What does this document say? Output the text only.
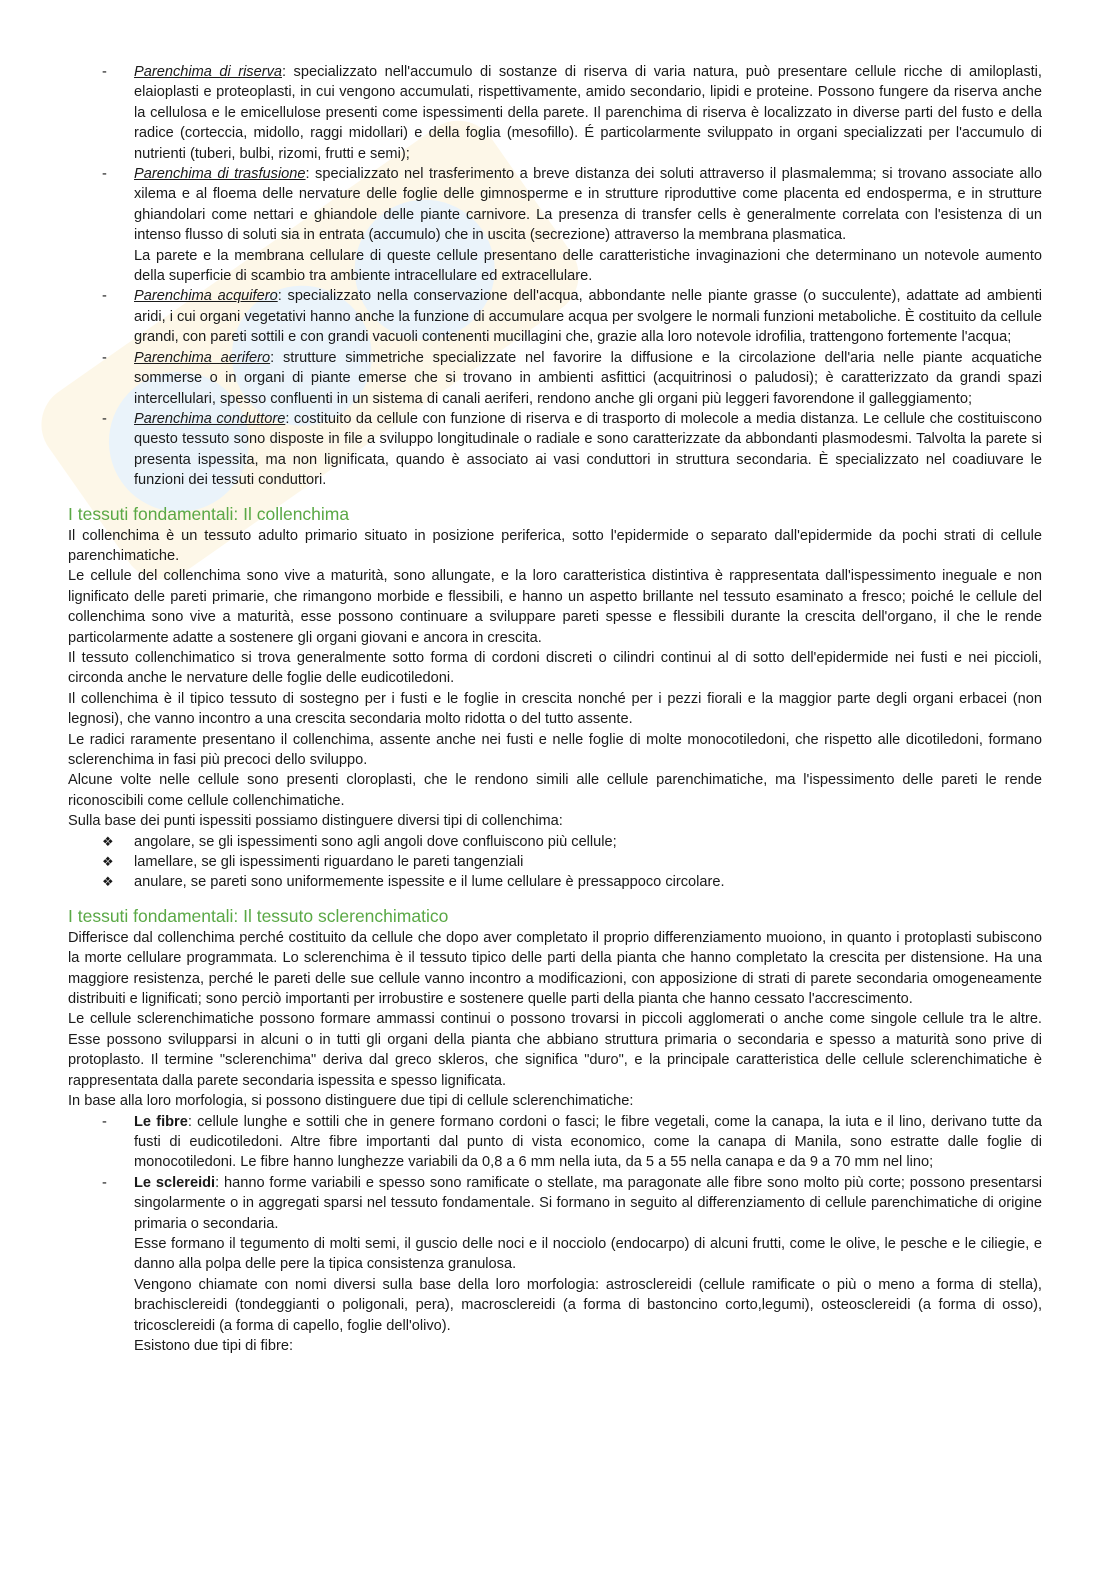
- Parenchima di riserva: specializzato nell'accumulo di sostanze di riserva di varia natura, può presentare cellule ricche di amiloplasti, elaioplasti e proteoplasti, in cui vengono accumulati, rispettivamente, amido secondario, lipidi e proteine. Possono fungere da riserva anche la cellulosa e le emicellulose presenti come ispessimenti della parete. Il parenchima di riserva è localizzato in diverse parti del fusto e della radice (corteccia, midollo, raggi midollari) e della foglia (mesofillo). É particolarmente sviluppato in organi specializzati per l'accumulo di nutrienti (tuberi, bulbi, rizomi, frutti e semi);
- Parenchima di trasfusione: specializzato nel trasferimento a breve distanza dei soluti attraverso il plasmalemma; si trovano associate allo xilema e al floema delle nervature delle foglie delle gimnosperme e in strutture riproduttive come placenta ed endosperma, e in strutture ghiandolari come nettari e ghiandole delle piante carnivore. La presenza di transfer cells è generalmente correlata con l'esistenza di un intenso flusso di soluti sia in entrata (accumulo) che in uscita (secrezione) attraverso la membrana plasmatica.

La parete e la membrana cellulare di queste cellule presentano delle caratteristiche invaginazioni che determinano un notevole aumento della superficie di scambio tra ambiente intracellulare ed extracellulare.

- Parenchima acquifero: specializzato nella conservazione dell'acqua, abbondante nelle piante grasse (o succulente), adattate ad ambienti aridi, i cui organi vegetativi hanno anche la funzione di accumulare acqua per svolgere le normali funzioni metaboliche. È costituito da cellule grandi, con pareti sottili e con grandi vacuoli contenenti mucillagini che, grazie alla loro notevole idrofilia, trattengono fortemente l'acqua;
- Parenchima aerifero: strutture simmetriche specializzate nel favorire la diffusione e la circolazione dell'aria nelle piante acquatiche sommerse o in organi di piante emerse che si trovano in ambienti asfittici (acquitrinosi o paludosi); è caratterizzato da grandi spazi intercellulari, spesso confluenti in un sistema di canali aeriferi, rendono anche gli organi più leggeri favorendone il galleggiamento;
- Parenchima conduttore: costituito da cellule con funzione di riserva e di trasporto di molecole a media distanza. Le cellule che costituiscono questo tessuto sono disposte in file a sviluppo longitudinale o radiale e sono caratterizzate da abbondanti plasmodesmi. Talvolta la parete si presenta ispessita, ma non lignificata, quando è associato ai vasi conduttori in struttura secondaria. È specializzato nel coadiuvare le funzioni dei tessuti conduttori.
I tessuti fondamentali: Il collenchima

Il collenchima è un tessuto adulto primario situato in posizione periferica, sotto l'epidermide o separato dall'epidermide da pochi strati di cellule parenchimatiche.

Le cellule del collenchima sono vive a maturità, sono allungate, e la loro caratteristica distintiva è rappresentata dall'ispessimento ineguale e non lignificato delle pareti primarie, che rimangono morbide e flessibili, e hanno un aspetto brillante nel tessuto esaminato a fresco; poiché le cellule del collenchima sono vive a maturità, esse possono continuare a sviluppare pareti spesse e flessibili durante la crescita dell'organo, il che le rende particolarmente adatte a sostenere gli organi giovani e ancora in crescita.

Il tessuto collenchimatico si trova generalmente sotto forma di cordoni discreti o cilindri continui al di sotto dell'epidermide nei fusti e nei piccioli, circonda anche le nervature delle foglie delle eudicotiledoni.

Il collenchima è il tipico tessuto di sostegno per i fusti e le foglie in crescita nonché per i pezzi fiorali e la maggior parte degli organi erbacei (non legnosi), che vanno incontro a una crescita secondaria molto ridotta o del tutto assente.

Le radici raramente presentano il collenchima, assente anche nei fusti e nelle foglie di molte monocotiledoni, che rispetto alle dicotiledoni, formano sclerenchima in fasi più precoci dello sviluppo.

Alcune volte nelle cellule sono presenti cloroplasti, che le rendono simili alle cellule parenchimatiche, ma l'ispessimento delle pareti le rende riconoscibili come cellule collenchimatiche.

Sulla base dei punti ispessiti possiamo distinguere diversi tipi di collenchima:

❖ angolare, se gli ispessimenti sono agli angoli dove confluiscono più cellule;
❖ lamellare, se gli ispessimenti riguardano le pareti tangenziali
❖ anulare, se pareti sono uniformemente ispessite e il lume cellulare è pressappoco circolare.
I tessuti fondamentali: Il tessuto sclerenchimatico

Differisce dal collenchima perché costituito da cellule che dopo aver completato il proprio differenziamento muoiono, in quanto i protoplasti subiscono la morte cellulare programmata. Lo sclerenchima è il tessuto tipico delle parti della pianta che hanno completato la crescita per distensione. Ha una maggiore resistenza, perché le pareti delle sue cellule vanno incontro a modificazioni, con apposizione di strati di parete secondaria omogeneamente distribuiti e lignificati; sono perciò importanti per irrobustire e sostenere quelle parti della pianta che hanno cessato l'accrescimento.

Le cellule sclerenchimatiche possono formare ammassi continui o possono trovarsi in piccoli agglomerati o anche come singole cellule tra le altre. Esse possono svilupparsi in alcuni o in tutti gli organi della pianta che abbiano struttura primaria o secondaria e spesso a maturità sono prive di protoplasto. Il termine "sclerenchima" deriva dal greco skleros, che significa "duro", e la principale caratteristica delle cellule sclerenchimatiche è rappresentata dalla parete secondaria ispessita e spesso lignificata.

In base alla loro morfologia, si possono distinguere due tipi di cellule sclerenchimatiche:

- Le fibre: cellule lunghe e sottili che in genere formano cordoni o fasci; le fibre vegetali, come la canapa, la iuta e il lino, derivano tutte da fusti di eudicotiledoni. Altre fibre importanti dal punto di vista economico, come la canapa di Manila, sono estratte dalle foglie di monocotiledoni. Le fibre hanno lunghezze variabili da 0,8 a 6 mm nella iuta, da 5 a 55 nella canapa e da 9 a 70 mm nel lino;
- Le sclereidi: hanno forme variabili e spesso sono ramificate o stellate, ma paragonate alle fibre sono molto più corte; possono presentarsi singolarmente o in aggregati sparsi nel tessuto fondamentale. Si formano in seguito al differenziamento di cellule parenchimatiche di origine primaria o secondaria.

Esse formano il tegumento di molti semi, il guscio delle noci e il nocciolo (endocarpo) di alcuni frutti, come le olive, le pesche e le ciliegie, e danno alla polpa delle pere la tipica consistenza granulosa.

Vengono chiamate con nomi diversi sulla base della loro morfologia: astrosclereidi (cellule ramificate o più o meno a forma di stella), brachisclereidi (tondeggianti o poligonali, pera), macrosclereidi (a forma di bastoncino corto,legumi), osteosclereidi (a forma di osso), tricosclereidi (a forma di capello, foglie dell'olivo).

Esistono due tipi di fibre:
